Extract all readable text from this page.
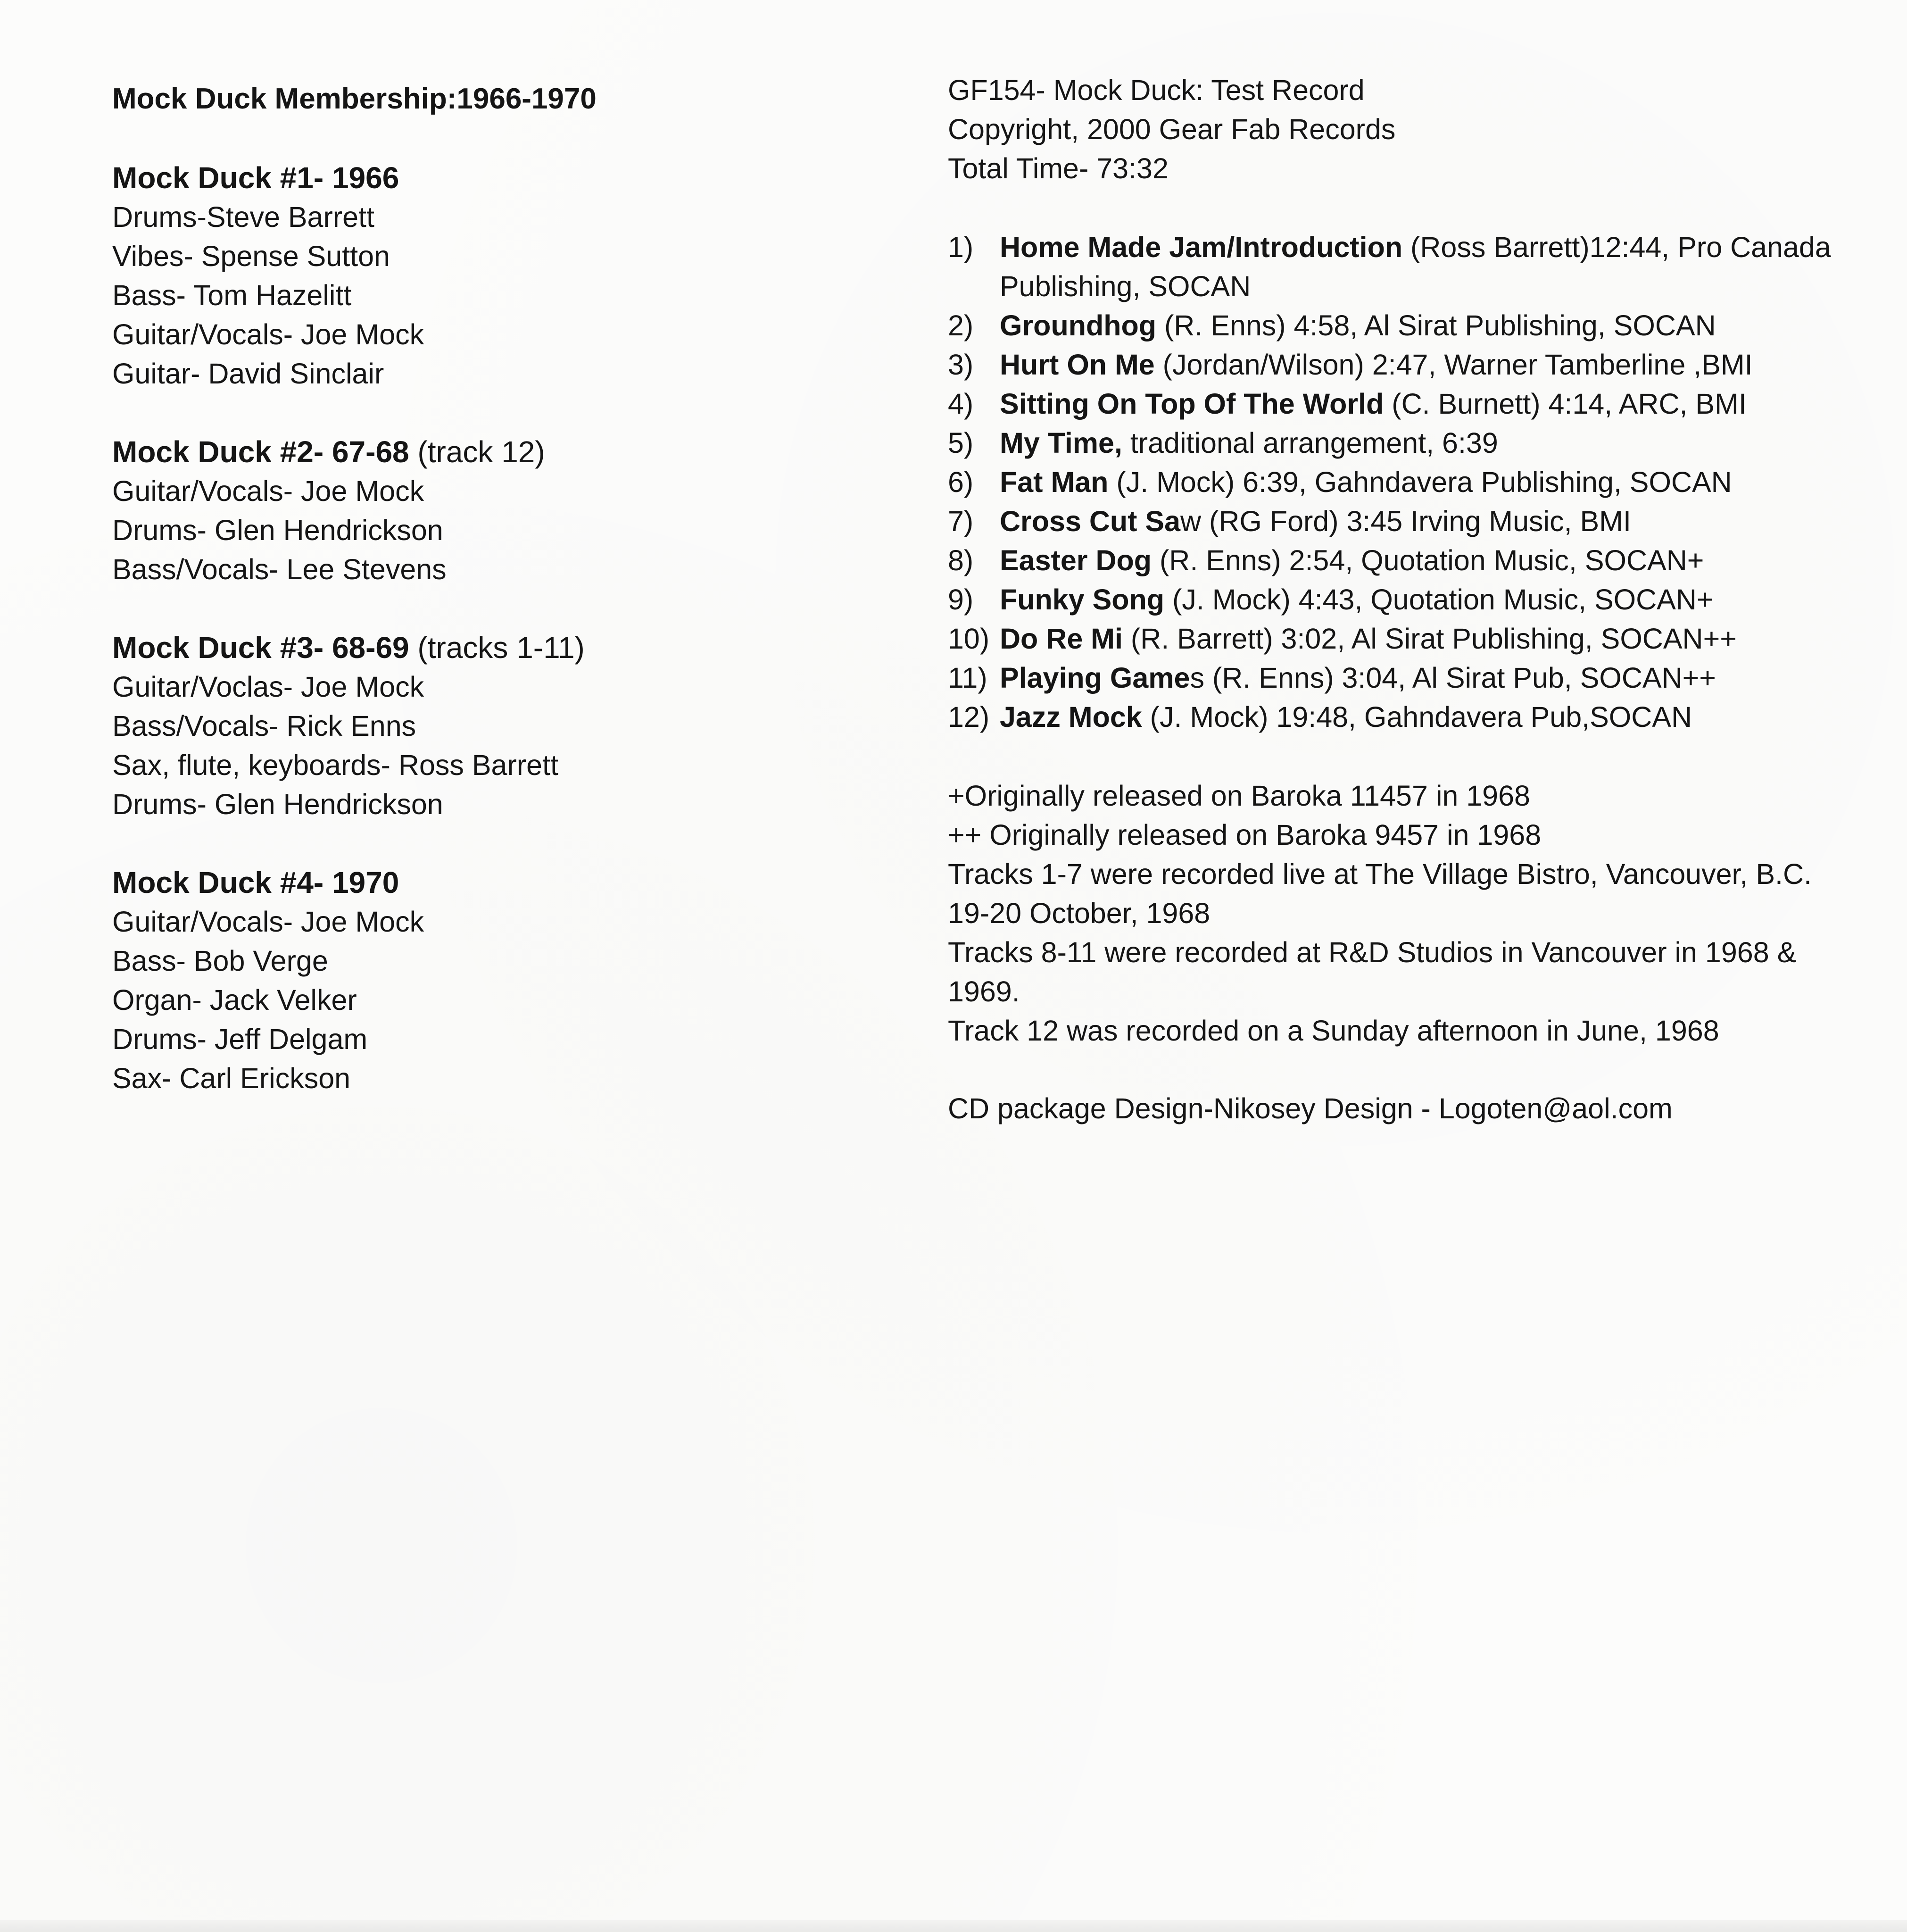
Mock Duck Membership:1966-1970
Mock Duck #1- 1966
Drums-Steve Barrett
Vibes- Spense Sutton
Bass- Tom Hazelitt
Guitar/Vocals- Joe Mock
Guitar- David Sinclair
Mock Duck #2- 67-68 (track 12)
Guitar/Vocals- Joe Mock
Drums- Glen Hendrickson
Bass/Vocals- Lee Stevens
Mock Duck #3- 68-69 (tracks 1-11)
Guitar/Voclas- Joe Mock
Bass/Vocals- Rick Enns
Sax, flute, keyboards- Ross Barrett
Drums- Glen Hendrickson
Mock Duck #4- 1970
Guitar/Vocals- Joe Mock
Bass- Bob Verge
Organ- Jack Velker
Drums- Jeff Delgam
Sax- Carl Erickson
GF154- Mock Duck: Test Record
Copyright, 2000 Gear Fab Records
Total Time- 73:32
1) Home Made Jam/Introduction (Ross Barrett)12:44, Pro Canada Publishing, SOCAN
2) Groundhog (R. Enns) 4:58, Al Sirat Publishing, SOCAN
3) Hurt On Me (Jordan/Wilson) 2:47, Warner Tamberline ,BMI
4) Sitting On Top Of The World (C. Burnett) 4:14, ARC, BMI
5) My Time, traditional arrangement, 6:39
6) Fat Man (J. Mock) 6:39, Gahndavera Publishing, SOCAN
7) Cross Cut Saw (RG Ford) 3:45 Irving Music, BMI
8) Easter Dog (R. Enns) 2:54, Quotation Music, SOCAN+
9) Funky Song (J. Mock) 4:43, Quotation Music, SOCAN+
10) Do Re Mi (R. Barrett) 3:02, Al Sirat Publishing, SOCAN++
11) Playing Games (R. Enns) 3:04, Al Sirat Pub, SOCAN++
12) Jazz Mock (J. Mock) 19:48, Gahndavera Pub,SOCAN
+Originally released on Baroka 11457 in 1968
++ Originally released on Baroka 9457 in 1968
Tracks 1-7 were recorded live at The Village Bistro, Vancouver, B.C. 19-20 October, 1968
Tracks 8-11 were recorded at R&D Studios in Vancouver in 1968 & 1969.
Track 12 was recorded on a Sunday afternoon in June, 1968
CD package Design-Nikosey Design - Logoten@aol.com
